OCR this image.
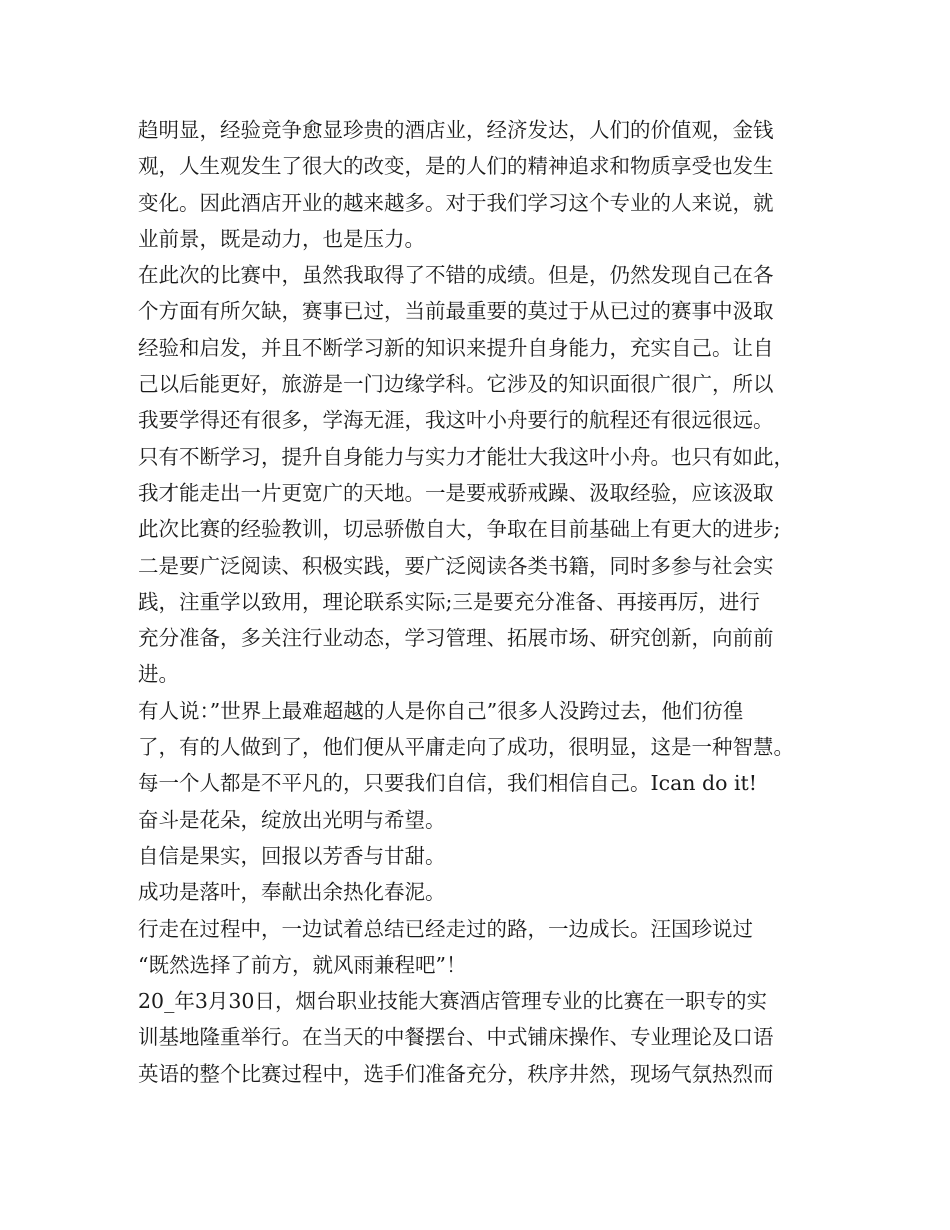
趋明显，经验竞争愈显珍贵的酒店业，经济发达，人们的价值观，金钱
观，人生观发生了很大的改变，是的人们的精神追求和物质享受也发生
变化。因此酒店开业的越来越多。对于我们学习这个专业的人来说，就
业前景，既是动力，也是压力。
在此次的比赛中，虽然我取得了不错的成绩。但是，仍然发现自己在各
个方面有所欠缺，赛事已过，当前最重要的莫过于从已过的赛事中汲取
经验和启发，并且不断学习新的知识来提升自身能力，充实自己。让自
己以后能更好，旅游是一门边缘学科。它涉及的知识面很广很广，所以
我要学得还有很多，学海无涯，我这叶小舟要行的航程还有很远很远。
只有不断学习，提升自身能力与实力才能壮大我这叶小舟。也只有如此，
我才能走出一片更宽广的天地。一是要戒骄戒躁、汲取经验，应该汲取
此次比赛的经验教训，切忌骄傲自大，争取在目前基础上有更大的进步;
二是要广泛阅读、积极实践，要广泛阅读各类书籍，同时多参与社会实
践，注重学以致用，理论联系实际;三是要充分准备、再接再厉，进行
充分准备，多关注行业动态，学习管理、拓展市场、研究创新，向前前
进。
有人说：”世界上最难超越的人是你自己”很多人没跨过去，他们彷徨
了，有的人做到了，他们便从平庸走向了成功，很明显，这是一种智慧。
每一个人都是不平凡的，只要我们自信，我们相信自己。Ican do it!
奋斗是花朵，绽放出光明与希望。
自信是果实，回报以芳香与甘甜。
成功是落叶，奉献出余热化春泥。
行走在过程中，一边试着总结已经走过的路，一边成长。汪国珍说过
“既然选择了前方，就风雨兼程吧”！
20_年3月30日，烟台职业技能大赛酒店管理专业的比赛在一职专的实
训基地隆重举行。在当天的中餐摆台、中式铺床操作、专业理论及口语
英语的整个比赛过程中，选手们准备充分，秩序井然，现场气氛热烈而
